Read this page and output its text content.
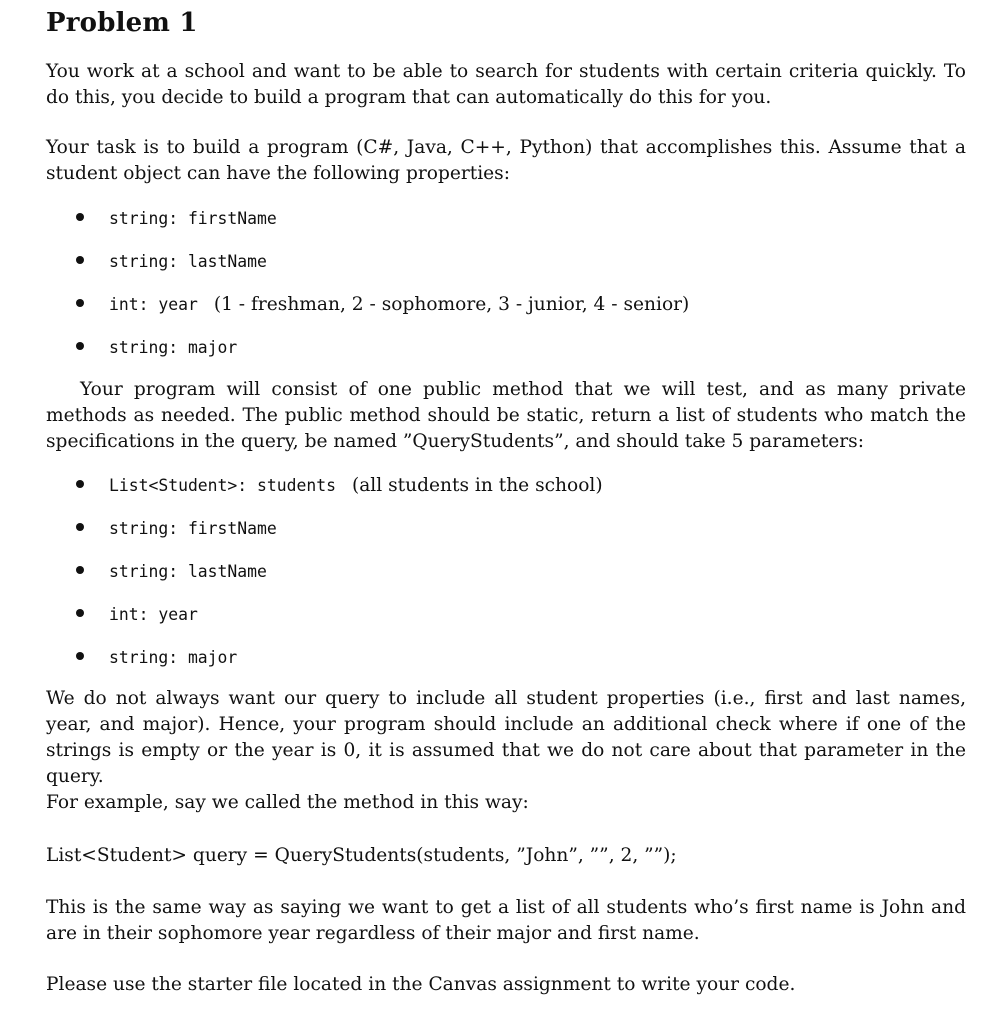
Problem 1

You work at a school and want to be able to search for students with certain criteria quickly. To do this, you decide to build a program that can automatically do this for you.

Your task is to build a program (C#, Java, C++, Python) that accomplishes this. Assume that a student object can have the following properties:

string: firstName
string: lastName
int: year (1 - freshman, 2 - sophomore, 3 - junior, 4 - senior)
string: major

Your program will consist of one public method that we will test, and as many private methods as needed. The public method should be static, return a list of students who match the specifications in the query, be named ”QueryStudents”, and should take 5 parameters:

List<Student>: students (all students in the school)
string: firstName
string: lastName
int: year
string: major

We do not always want our query to include all student properties (i.e., first and last names, year, and major). Hence, your program should include an additional check where if one of the strings is empty or the year is 0, it is assumed that we do not care about that parameter in the query.

For example, say we called the method in this way:

List<Student> query = QueryStudents(students, ”John”, ””, 2, ””);

This is the same way as saying we want to get a list of all students who’s first name is John and are in their sophomore year regardless of their major and first name.

Please use the starter file located in the Canvas assignment to write your code.
